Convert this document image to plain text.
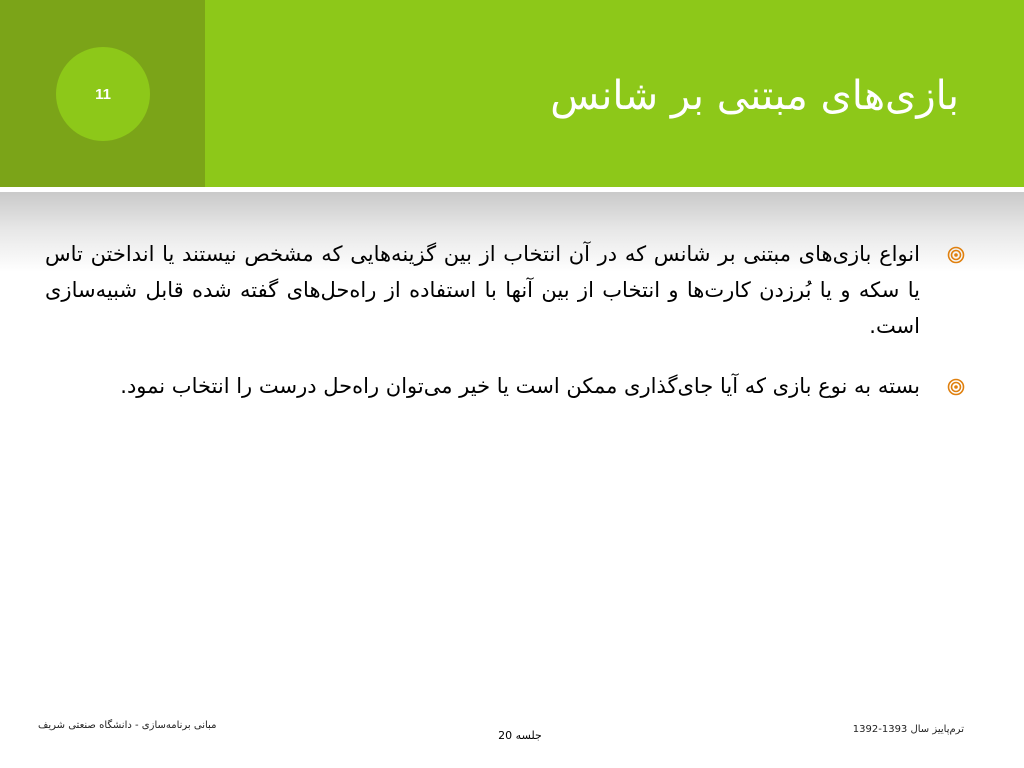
11	بازی‌های مبتنی بر شانس
انواع بازی‌های مبتنی بر شانس که در آن انتخاب از بین گزینه‌هایی که مشخص نیستند یا انداختن تاس یا سکه و یا بُرزدن کارت‌ها و انتخاب از بین آنها با استفاده از راه‌حل‌های گفته شده قابل شبیه‌سازی است.
بسته به نوع بازی که آیا جای‌گذاری ممکن است یا خیر می‌توان راه‌حل درست را انتخاب نمود.
مبانی برنامه‌سازی - دانشگاه صنعتی شریف
جلسه 20	ترم‌پاییز سال 1393-1392
